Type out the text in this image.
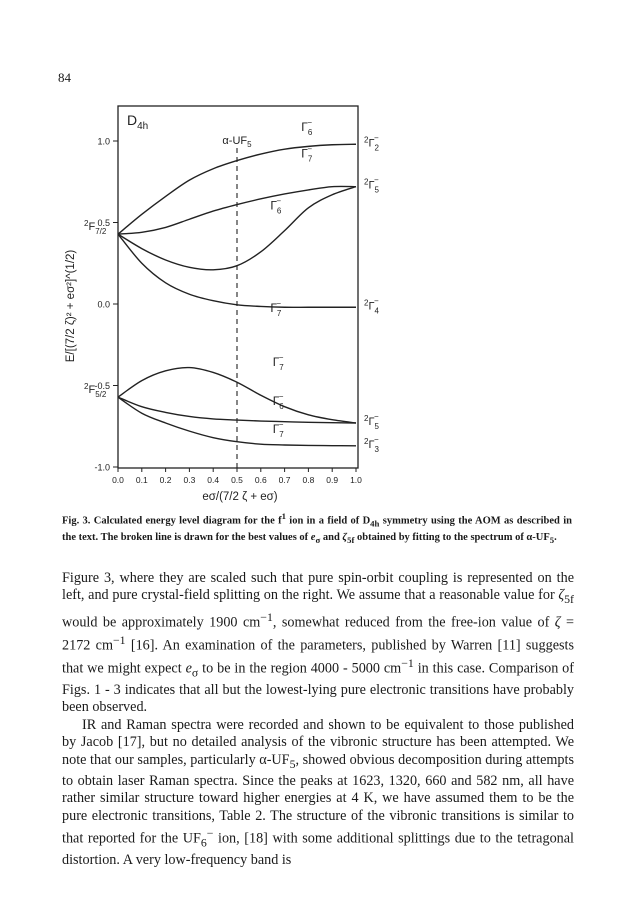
84
$D_{4h}$
1.0
0.5
0.0
-0.5
-1.0
0.0 0.1 0.2 0.3 0.4 0.5 0.6 0.7 0.8 0.9 1.0
eσ/(7/2 ζ + eσ)
E/[(7/2 ζ)² + eσ²]^(1/2)
$\alpha-UF_5$
$\Gamma_6-$
$\Gamma_7-$
$\Gamma_6-$
$\Gamma_7-$
$\Gamma_7-$
$\Gamma_6-$
$\Gamma_7-$
$^2F_{7/2}$
$^2F_{5/2}$
$^2\Gamma_2-$
$^2\Gamma_5-$
$^2\Gamma_4-$
$^2\Gamma_5-$
$^2\Gamma_3-$
Fig. 3. Calculated energy level diagram for the $f^1$ ion in a field of $D_{4h}$ symmetry using the AOM as described in the text. The broken line is drawn for the best values of $e_\sigma$ and $\zeta_{5f}$ obtained by fitting to the spectrum of $\alpha-UF_5$.

Figure 3, where they are scaled such that pure spin-orbit coupling is represented on the left, and pure crystal-field splitting on the right. We assume that a reasonable value for $\zeta_{5f}$ would be approximately 1900 $cm^{-1}$, somewhat reduced from the free-ion value of ζ = 2172 $cm^{-1}$ [16]. An examination of the parameters, published by Warren [11] suggests that we might expect $e_\sigma$ to be in the region 4000 - 5000 $cm^{-1}$ in this case. Comparison of Figs. 1 - 3 indicates that all but the lowest-lying pure electronic transitions have probably been observed.

IR and Raman spectra were recorded and shown to be equivalent to those published by Jacob [17], but no detailed analysis of the vibronic structure has been attempted. We note that our samples, particularly $\alpha-UF_5$, showed obvious decomposition during attempts to obtain laser Raman spectra. Since the peaks at 1623, 1320, 660 and 582 nm, all have rather similar structure toward higher energies at 4 K, we have assumed them to be the pure electronic transitions, Table 2. The structure of the vibronic transitions is similar to that reported for the $UF_6^-$ ion, [18] with some additional splittings due to the tetragonal distortion. A very low-frequency band is
